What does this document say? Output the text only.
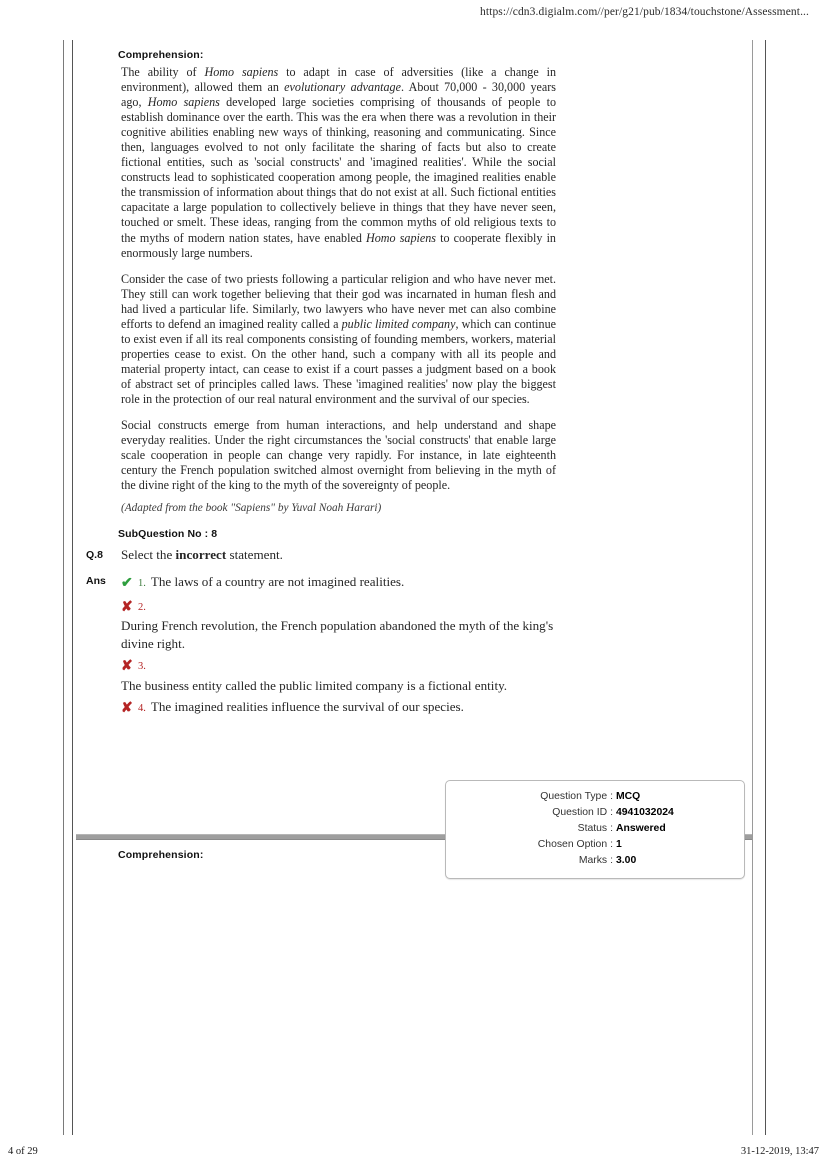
https://cdn3.digialm.com//per/g21/pub/1834/touchstone/Assessment...
Comprehension:

The ability of Homo sapiens to adapt in case of adversities (like a change in environment), allowed them an evolutionary advantage. About 70,000 - 30,000 years ago, Homo sapiens developed large societies comprising of thousands of people to establish dominance over the earth. This was the era when there was a revolution in their cognitive abilities enabling new ways of thinking, reasoning and communicating. Since then, languages evolved to not only facilitate the sharing of facts but also to create fictional entities, such as 'social constructs' and 'imagined realities'. While the social constructs lead to sophisticated cooperation among people, the imagined realities enable the transmission of information about things that do not exist at all. Such fictional entities capacitate a large population to collectively believe in things that they have never seen, touched or smelt. These ideas, ranging from the common myths of old religious texts to the myths of modern nation states, have enabled Homo sapiens to cooperate flexibly in enormously large numbers.

Consider the case of two priests following a particular religion and who have never met. They still can work together believing that their god was incarnated in human flesh and had lived a particular life. Similarly, two lawyers who have never met can also combine efforts to defend an imagined reality called a public limited company, which can continue to exist even if all its real components consisting of founding members, workers, material properties cease to exist. On the other hand, such a company with all its people and material property intact, can cease to exist if a court passes a judgment based on a book of abstract set of principles called laws. These 'imagined realities' now play the biggest role in the protection of our real natural environment and the survival of our species.

Social constructs emerge from human interactions, and help understand and shape everyday realities. Under the right circumstances the 'social constructs' that enable large scale cooperation in people can change very rapidly. For instance, in late eighteenth century the French population switched almost overnight from believing in the myth of the divine right of the king to the myth of the sovereignty of people.

(Adapted from the book "Sapiens" by Yuval Noah Harari)
SubQuestion No : 8
Q.8	Select the incorrect statement.
Ans	✔ 1. The laws of a country are not imagined realities.
✘ 2.
During French revolution, the French population abandoned the myth of the king's divine right.
✘ 3.
The business entity called the public limited company is a fictional entity.
✘ 4. The imagined realities influence the survival of our species.
Question Type : MCQ
Question ID : 4941032024
Status : Answered
Chosen Option : 1
Marks : 3.00
Comprehension:
4 of 29	31-12-2019, 13:47
